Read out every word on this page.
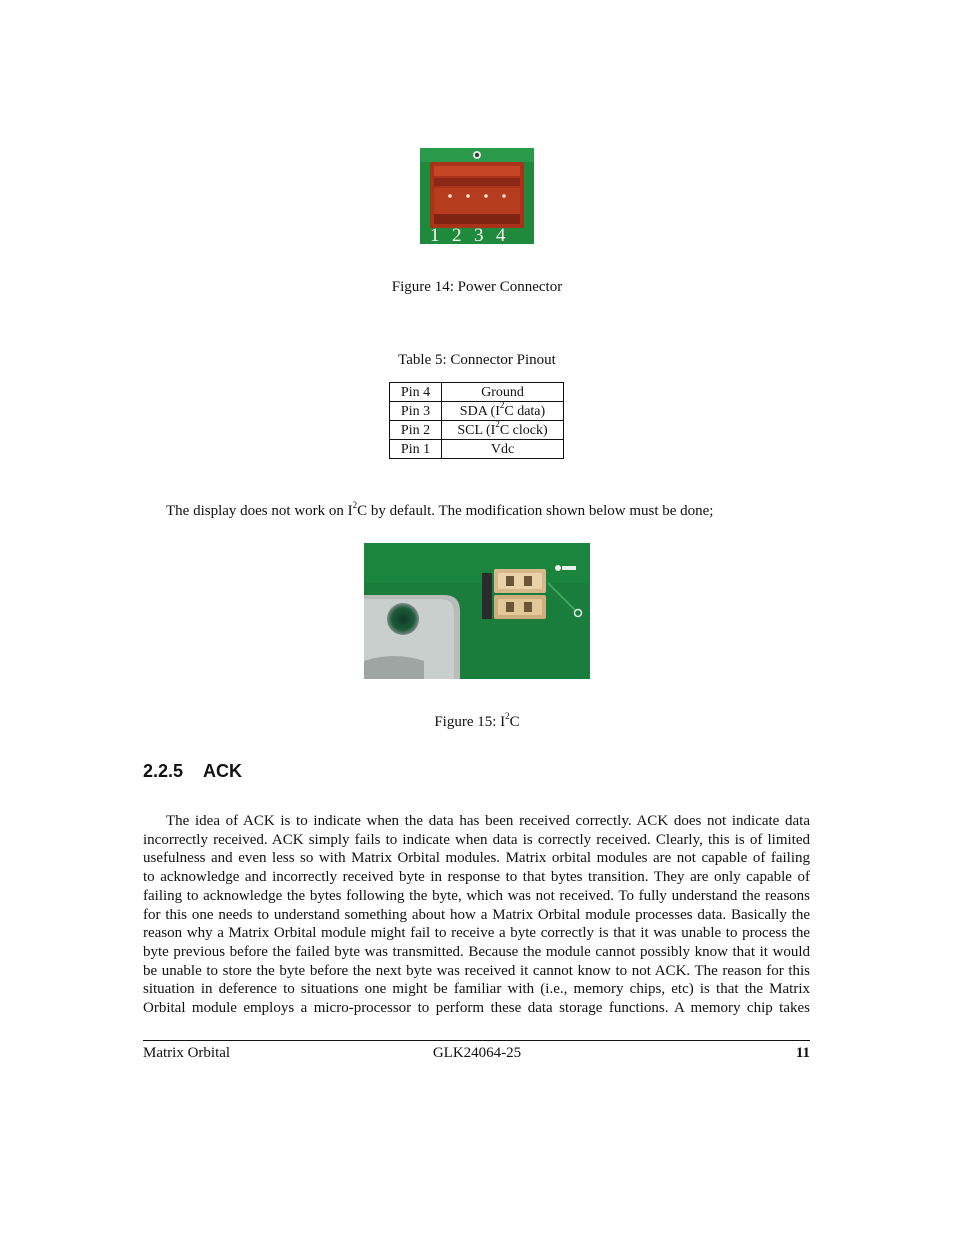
1 2 3 4
Figure 14: Power Connector
Table 5: Connector Pinout
Pin 4	Ground
Pin 3	SDA ($I^2C$ data)
Pin 2	SCL ($I^2C$ clock)
Pin 1	Vdc
The display does not work on $I^2C$ by default. The modification shown below must be done;
Figure 15: $I^2C$
2.2.5 ACK
The idea of ACK is to indicate when the data has been received correctly. ACK does not indicate data
incorrectly received. ACK simply fails to indicate when data is correctly received. Clearly, this is of limited
usefulness and even less so with Matrix Orbital modules. Matrix orbital modules are not capable of failing
to acknowledge and incorrectly received byte in response to that bytes transition. They are only capable of
failing to acknowledge the bytes following the byte, which was not received. To fully understand the reasons
for this one needs to understand something about how a Matrix Orbital module processes data. Basically the
reason why a Matrix Orbital module might fail to receive a byte correctly is that it was unable to process the
byte previous before the failed byte was transmitted. Because the module cannot possibly know that it would
be unable to store the byte before the next byte was received it cannot know to not ACK. The reason for this
situation in deference to situations one might be familiar with (i.e., memory chips, etc) is that the Matrix
Orbital module employs a micro-processor to perform these data storage functions. A memory chip takes
Matrix Orbital	GLK24064-25	11
